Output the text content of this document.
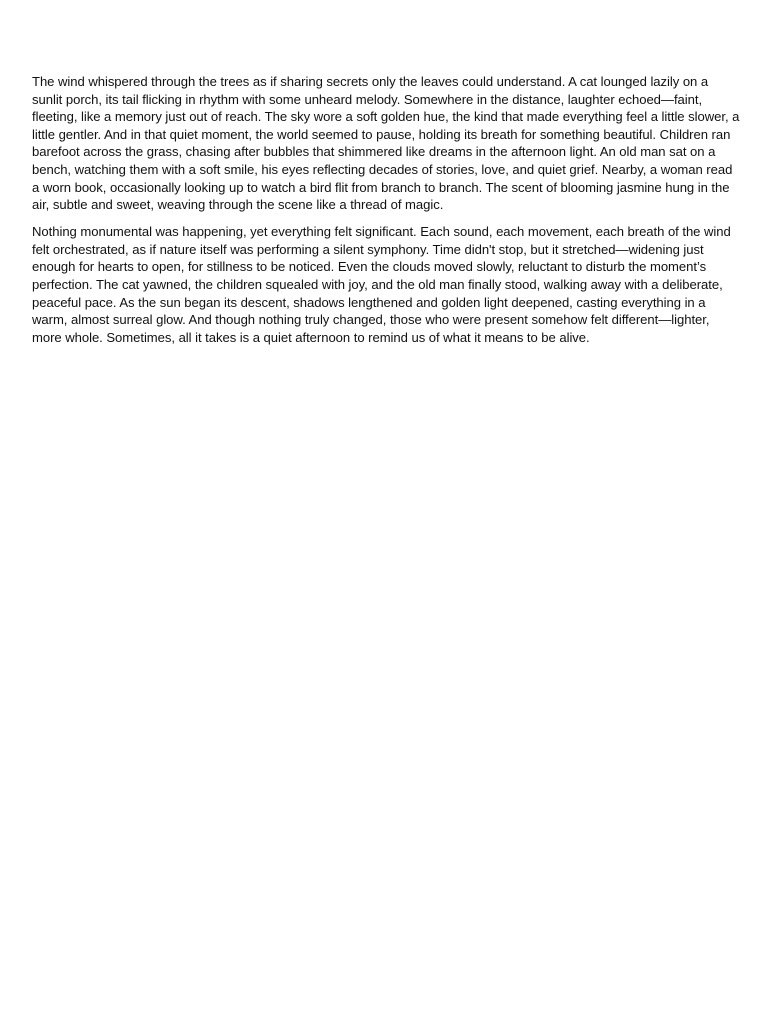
The wind whispered through the trees as if sharing secrets only the leaves could understand. A cat lounged lazily on a sunlit porch, its tail flicking in rhythm with some unheard melody. Somewhere in the distance, laughter echoed—faint, fleeting, like a memory just out of reach. The sky wore a soft golden hue, the kind that made everything feel a little slower, a little gentler. And in that quiet moment, the world seemed to pause, holding its breath for something beautiful. Children ran barefoot across the grass, chasing after bubbles that shimmered like dreams in the afternoon light. An old man sat on a bench, watching them with a soft smile, his eyes reflecting decades of stories, love, and quiet grief. Nearby, a woman read a worn book, occasionally looking up to watch a bird flit from branch to branch. The scent of blooming jasmine hung in the air, subtle and sweet, weaving through the scene like a thread of magic.

Nothing monumental was happening, yet everything felt significant. Each sound, each movement, each breath of the wind felt orchestrated, as if nature itself was performing a silent symphony. Time didn't stop, but it stretched—widening just enough for hearts to open, for stillness to be noticed. Even the clouds moved slowly, reluctant to disturb the moment’s perfection. The cat yawned, the children squealed with joy, and the old man finally stood, walking away with a deliberate, peaceful pace. As the sun began its descent, shadows lengthened and golden light deepened, casting everything in a warm, almost surreal glow. And though nothing truly changed, those who were present somehow felt different—lighter, more whole. Sometimes, all it takes is a quiet afternoon to remind us of what it means to be alive.
